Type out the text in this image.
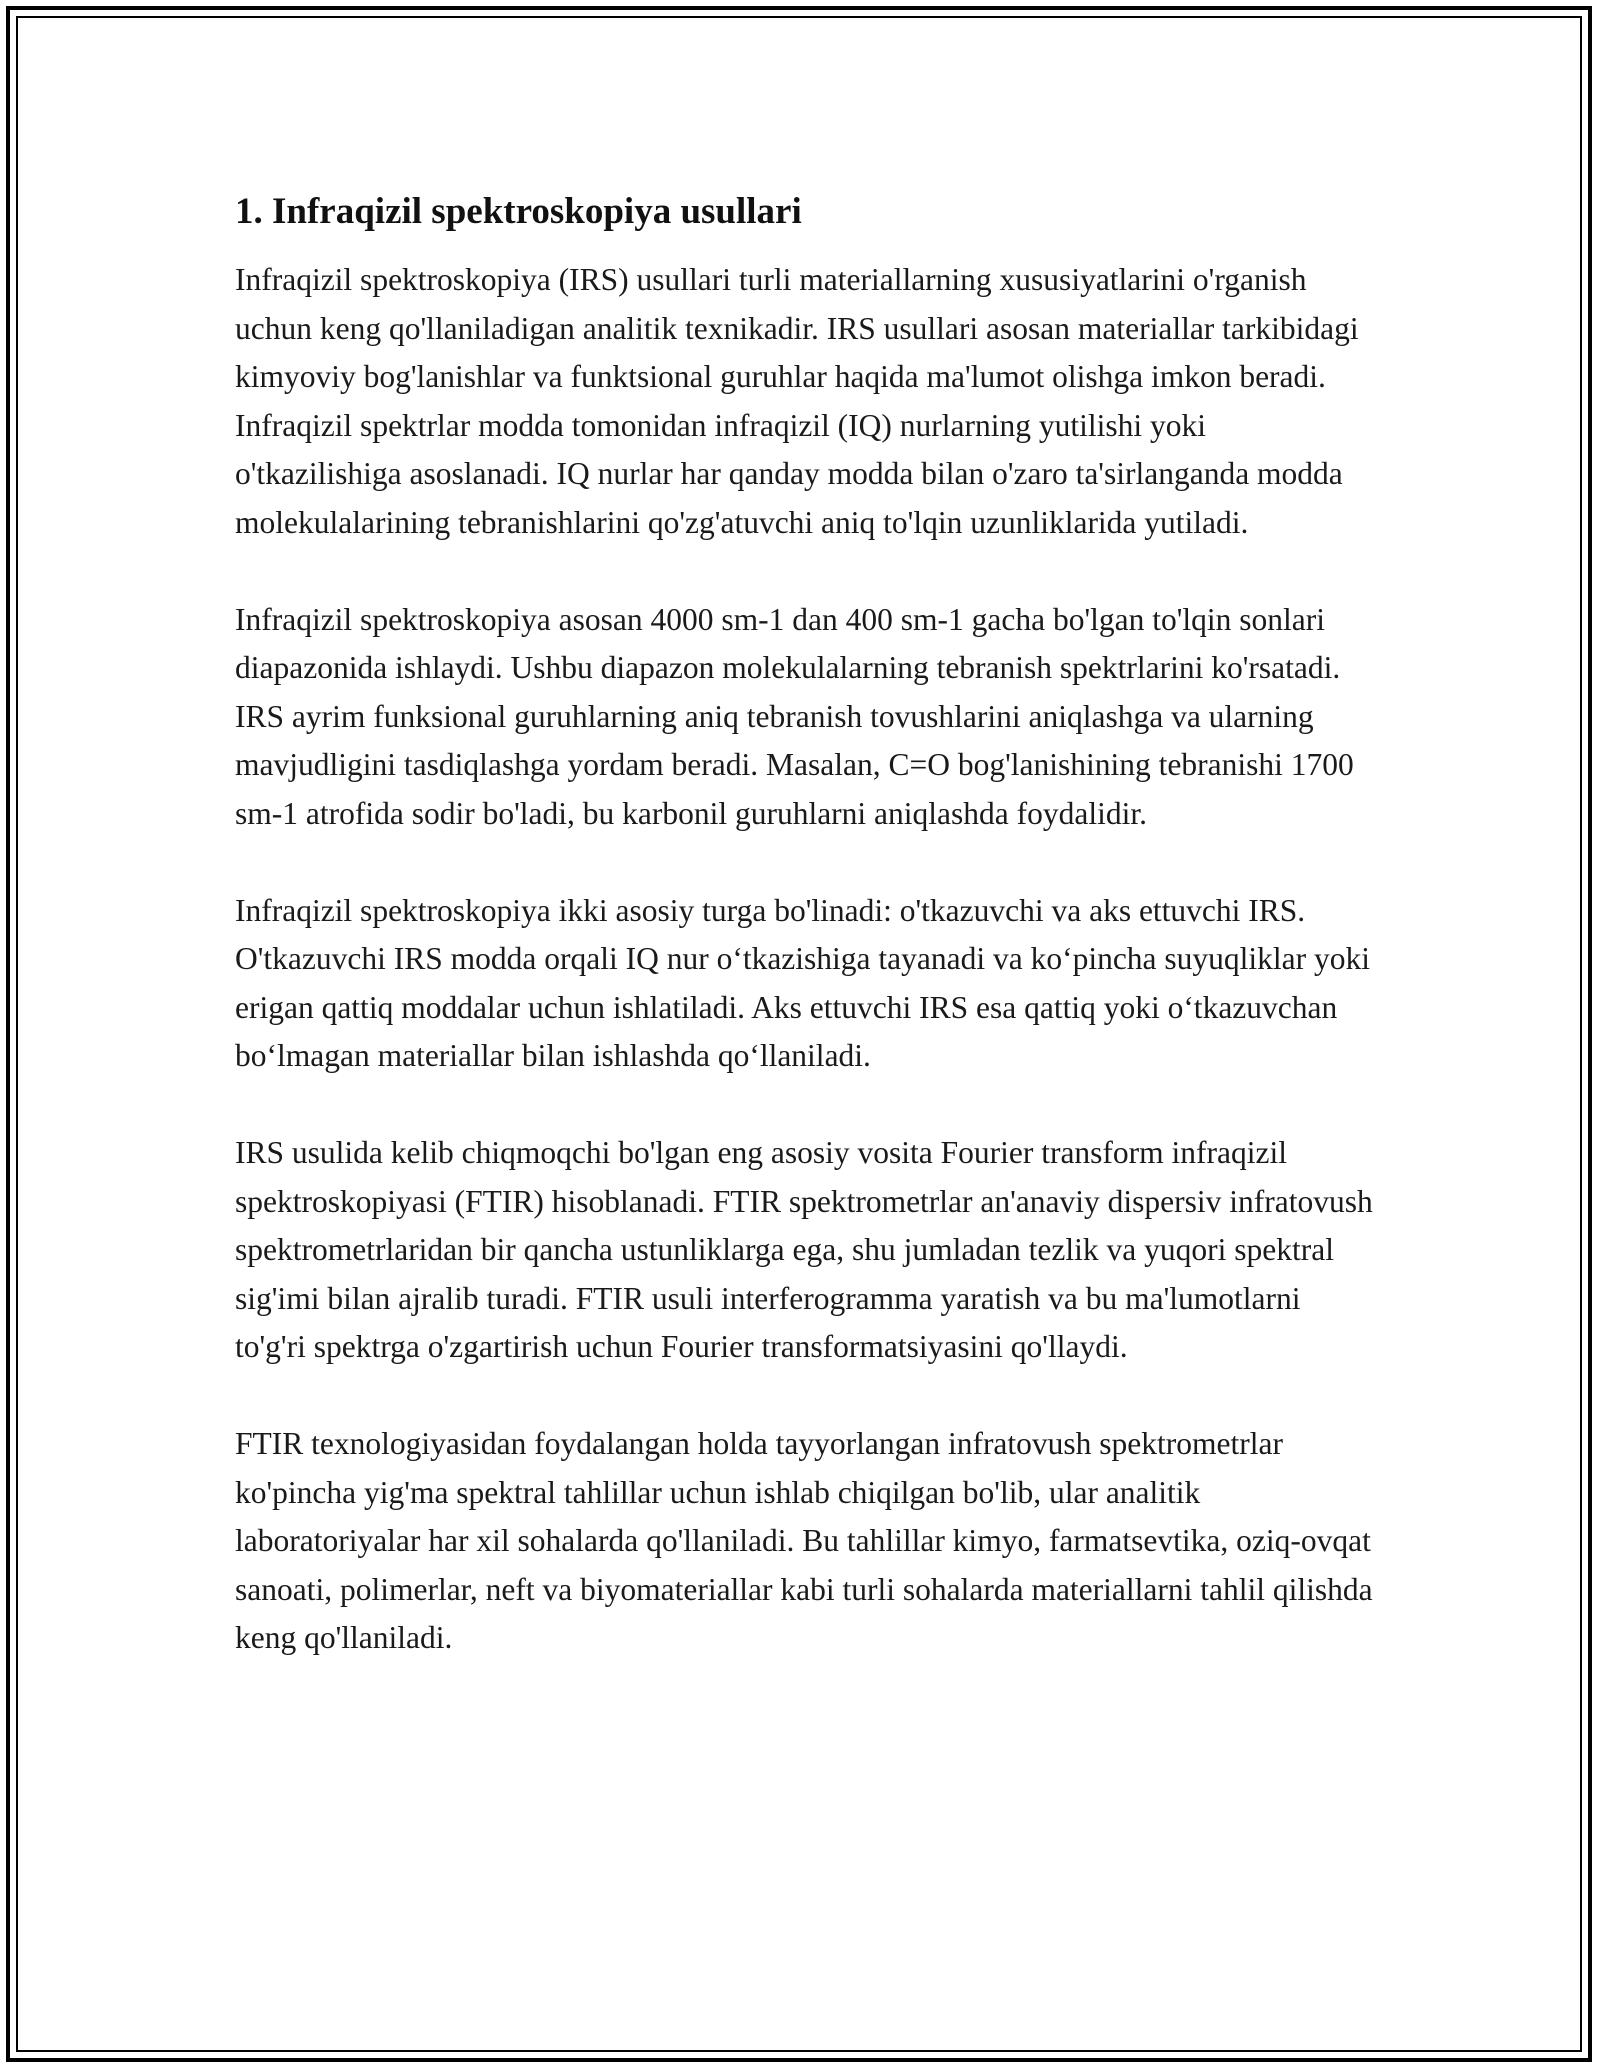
1. Infraqizil spektroskopiya usullari

Infraqizil spektroskopiya (IRS) usullari turli materiallarning xususiyatlarini o'rganish uchun keng qo'llaniladigan analitik texnikadir. IRS usullari asosan materiallar tarkibidagi kimyoviy bog'lanishlar va funktsional guruhlar haqida ma'lumot olishga imkon beradi. Infraqizil spektrlar modda tomonidan infraqizil (IQ) nurlarning yutilishi yoki o'tkazilishiga asoslanadi. IQ nurlar har qanday modda bilan o'zaro ta'sirlanganda modda molekulalarining tebranishlarini qo'zg'atuvchi aniq to'lqin uzunliklarida yutiladi.

Infraqizil spektroskopiya asosan 4000 sm-1 dan 400 sm-1 gacha bo'lgan to'lqin sonlari diapazonida ishlaydi. Ushbu diapazon molekulalarning tebranish spektrlarini ko'rsatadi. IRS ayrim funksional guruhlarning aniq tebranish tovushlarini aniqlashga va ularning mavjudligini tasdiqlashga yordam beradi. Masalan, C=O bog'lanishining tebranishi 1700 sm-1 atrofida sodir bo'ladi, bu karbonil guruhlarni aniqlashda foydalidir.

Infraqizil spektroskopiya ikki asosiy turga bo'linadi: o'tkazuvchi va aks ettuvchi IRS. O'tkazuvchi IRS modda orqali IQ nur o‘tkazishiga tayanadi va ko‘pincha suyuqliklar yoki erigan qattiq moddalar uchun ishlatiladi. Aks ettuvchi IRS esa qattiq yoki o‘tkazuvchan bo‘lmagan materiallar bilan ishlashda qo‘llaniladi.

IRS usulida kelib chiqmoqchi bo'lgan eng asosiy vosita Fourier transform infraqizil spektroskopiyasi (FTIR) hisoblanadi. FTIR spektrometrlar an'anaviy dispersiv infratovush spektrometrlaridan bir qancha ustunliklarga ega, shu jumladan tezlik va yuqori spektral sig'imi bilan ajralib turadi. FTIR usuli interferogramma yaratish va bu ma'lumotlarni to'g'ri spektrga o'zgartirish uchun Fourier transformatsiyasini qo'llaydi.

FTIR texnologiyasidan foydalangan holda tayyorlangan infratovush spektrometrlar ko'pincha yig'ma spektral tahlillar uchun ishlab chiqilgan bo'lib, ular analitik laboratoriyalar har xil sohalarda qo'llaniladi. Bu tahlillar kimyo, farmatsevtika, oziq-ovqat sanoati, polimerlar, neft va biyomateriallar kabi turli sohalarda materiallarni tahlil qilishda keng qo'llaniladi.
